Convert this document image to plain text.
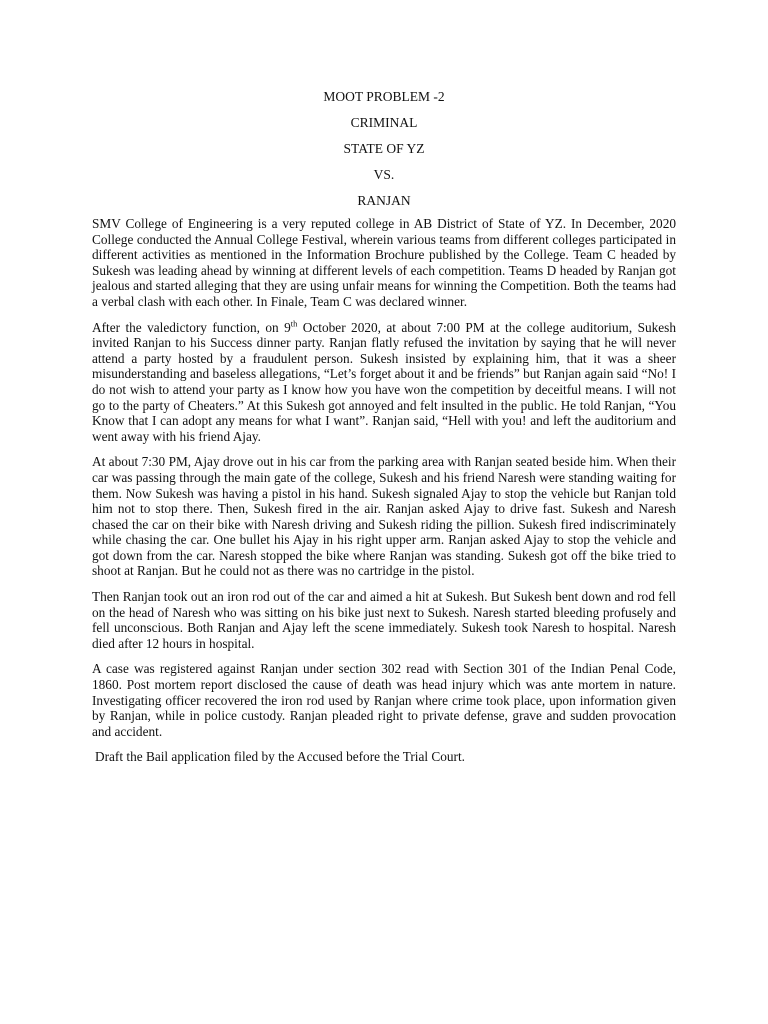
MOOT PROBLEM -2
CRIMINAL
STATE OF YZ
VS.
RANJAN

SMV College of Engineering is a very reputed college in AB District of State of YZ. In December, 2020 College conducted the Annual College Festival, wherein various teams from different colleges participated in different activities as mentioned in the Information Brochure published by the College. Team C headed by Sukesh was leading ahead by winning at different levels of each competition. Teams D headed by Ranjan got jealous and started alleging that they are using unfair means for winning the Competition. Both the teams had a verbal clash with each other. In Finale, Team C was declared winner.

After the valedictory function, on 9th October 2020, at about 7:00 PM at the college auditorium, Sukesh invited Ranjan to his Success dinner party. Ranjan flatly refused the invitation by saying that he will never attend a party hosted by a fraudulent person. Sukesh insisted by explaining him, that it was a sheer misunderstanding and baseless allegations, “Let’s forget about it and be friends” but Ranjan again said “No! I do not wish to attend your party as I know how you have won the competition by deceitful means. I will not go to the party of Cheaters.” At this Sukesh got annoyed and felt insulted in the public. He told Ranjan, “You Know that I can adopt any means for what I want”. Ranjan said, “Hell with you! and left the auditorium and went away with his friend Ajay.

At about 7:30 PM, Ajay drove out in his car from the parking area with Ranjan seated beside him. When their car was passing through the main gate of the college, Sukesh and his friend Naresh were standing waiting for them. Now Sukesh was having a pistol in his hand. Sukesh signaled Ajay to stop the vehicle but Ranjan told him not to stop there. Then, Sukesh fired in the air. Ranjan asked Ajay to drive fast. Sukesh and Naresh chased the car on their bike with Naresh driving and Sukesh riding the pillion. Sukesh fired indiscriminately while chasing the car. One bullet his Ajay in his right upper arm. Ranjan asked Ajay to stop the vehicle and got down from the car. Naresh stopped the bike where Ranjan was standing. Sukesh got off the bike tried to shoot at Ranjan. But he could not as there was no cartridge in the pistol.

Then Ranjan took out an iron rod out of the car and aimed a hit at Sukesh. But Sukesh bent down and rod fell on the head of Naresh who was sitting on his bike just next to Sukesh. Naresh started bleeding profusely and fell unconscious. Both Ranjan and Ajay left the scene immediately. Sukesh took Naresh to hospital. Naresh died after 12 hours in hospital.

A case was registered against Ranjan under section 302 read with Section 301 of the Indian Penal Code, 1860. Post mortem report disclosed the cause of death was head injury which was ante mortem in nature. Investigating officer recovered the iron rod used by Ranjan where crime took place, upon information given by Ranjan, while in police custody. Ranjan pleaded right to private defense, grave and sudden provocation and accident.

Draft the Bail application filed by the Accused before the Trial Court.
